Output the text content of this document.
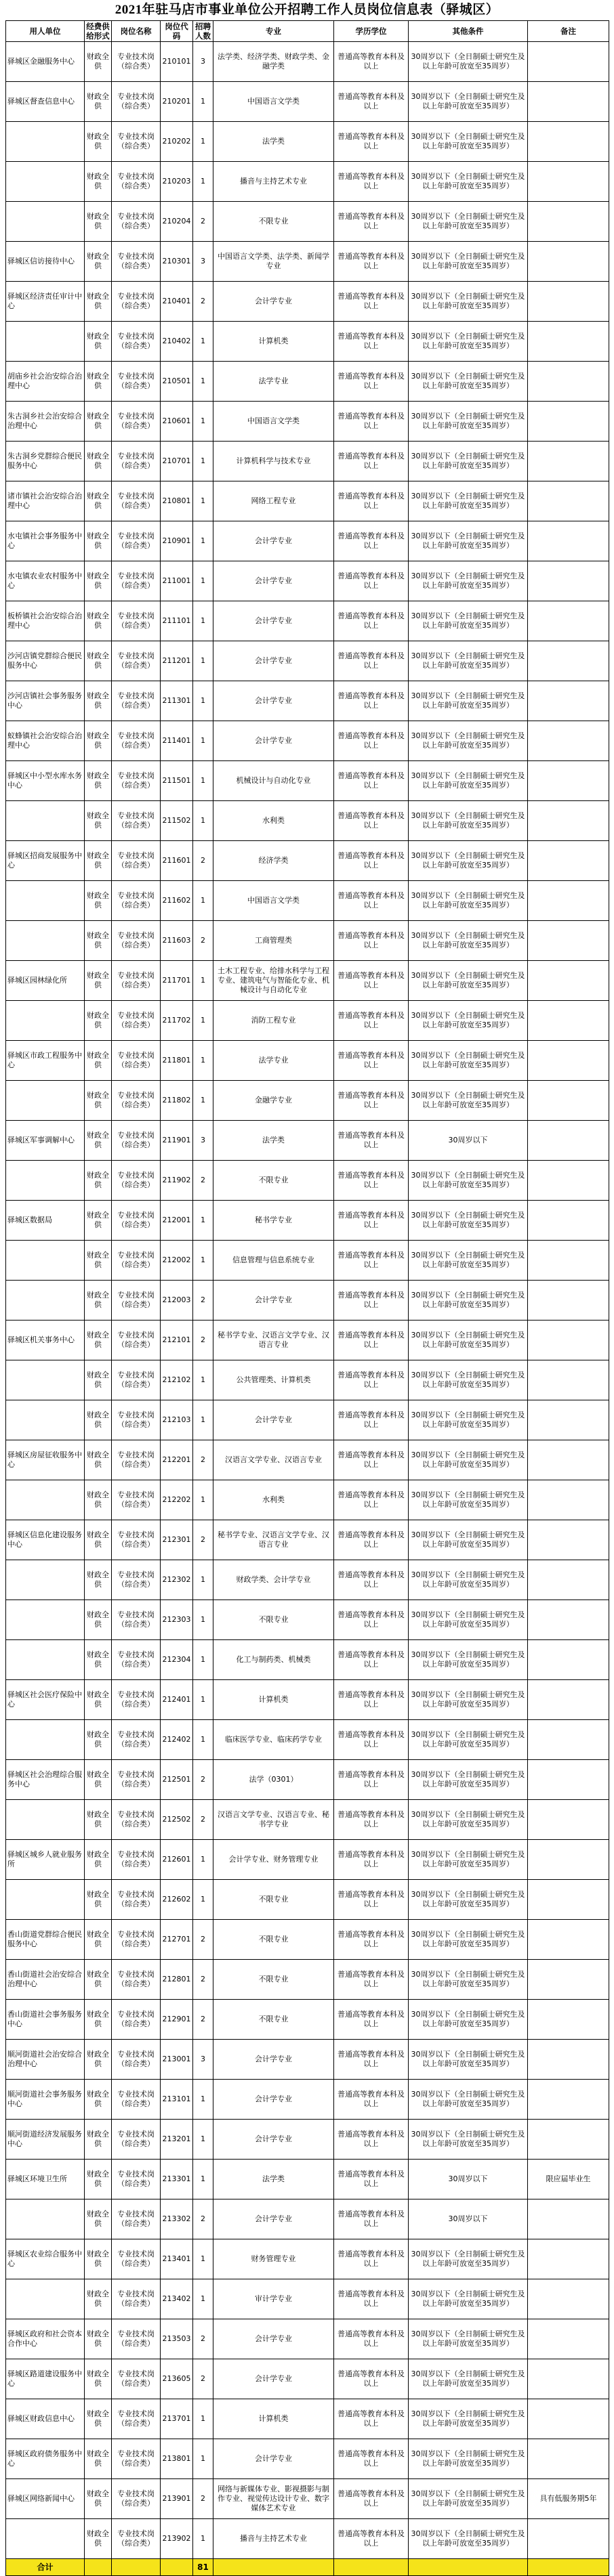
2021年驻马店市事业单位公开招聘工作人员岗位信息表（驿城区）
用人单位	经费供给形式	岗位名称	岗位代码	招聘人数	专业	学历学位	其他条件	备注
驿城区金融服务中心	财政全供	专业技术岗（综合类）	210101	3	法学类、经济学类、财政学类、金融学类	普通高等教育本科及以上	30周岁以下（全日制硕士研究生及以上年龄可放宽至35周岁）	
驿城区督查信息中心	财政全供	专业技术岗（综合类）	210201	1	中国语言文学类	普通高等教育本科及以上	30周岁以下（全日制硕士研究生及以上年龄可放宽至35周岁）	
	财政全供	专业技术岗（综合类）	210202	1	法学类	普通高等教育本科及以上	30周岁以下（全日制硕士研究生及以上年龄可放宽至35周岁）	
	财政全供	专业技术岗（综合类）	210203	1	播音与主持艺术专业	普通高等教育本科及以上	30周岁以下（全日制硕士研究生及以上年龄可放宽至35周岁）	
	财政全供	专业技术岗（综合类）	210204	2	不限专业	普通高等教育本科及以上	30周岁以下（全日制硕士研究生及以上年龄可放宽至35周岁）	
驿城区信访接待中心	财政全供	专业技术岗（综合类）	210301	3	中国语言文学类、法学类、新闻学专业	普通高等教育本科及以上	30周岁以下（全日制硕士研究生及以上年龄可放宽至35周岁）	
驿城区经济责任审计中心	财政全供	专业技术岗（综合类）	210401	2	会计学专业	普通高等教育本科及以上	30周岁以下（全日制硕士研究生及以上年龄可放宽至35周岁）	
	财政全供	专业技术岗（综合类）	210402	1	计算机类	普通高等教育本科及以上	30周岁以下（全日制硕士研究生及以上年龄可放宽至35周岁）	
胡庙乡社会治安综合治理中心	财政全供	专业技术岗（综合类）	210501	1	法学专业	普通高等教育本科及以上	30周岁以下（全日制硕士研究生及以上年龄可放宽至35周岁）	
朱古洞乡社会治安综合治理中心	财政全供	专业技术岗（综合类）	210601	1	中国语言文学类	普通高等教育本科及以上	30周岁以下（全日制硕士研究生及以上年龄可放宽至35周岁）	
朱古洞乡党群综合便民服务中心	财政全供	专业技术岗（综合类）	210701	1	计算机科学与技术专业	普通高等教育本科及以上	30周岁以下（全日制硕士研究生及以上年龄可放宽至35周岁）	
诸市镇社会治安综合治理中心	财政全供	专业技术岗（综合类）	210801	1	网络工程专业	普通高等教育本科及以上	30周岁以下（全日制硕士研究生及以上年龄可放宽至35周岁）	
水屯镇社会事务服务中心	财政全供	专业技术岗（综合类）	210901	1	会计学专业	普通高等教育本科及以上	30周岁以下（全日制硕士研究生及以上年龄可放宽至35周岁）	
水屯镇农业农村服务中心	财政全供	专业技术岗（综合类）	211001	1	会计学专业	普通高等教育本科及以上	30周岁以下（全日制硕士研究生及以上年龄可放宽至35周岁）	
板桥镇社会治安综合治理中心	财政全供	专业技术岗（综合类）	211101	1	会计学专业	普通高等教育本科及以上	30周岁以下（全日制硕士研究生及以上年龄可放宽至35周岁）	
沙河店镇党群综合便民服务中心	财政全供	专业技术岗（综合类）	211201	1	会计学专业	普通高等教育本科及以上	30周岁以下（全日制硕士研究生及以上年龄可放宽至35周岁）	
沙河店镇社会事务服务中心	财政全供	专业技术岗（综合类）	211301	1	会计学专业	普通高等教育本科及以上	30周岁以下（全日制硕士研究生及以上年龄可放宽至35周岁）	
蚁蜂镇社会治安综合治理中心	财政全供	专业技术岗（综合类）	211401	1	会计学专业	普通高等教育本科及以上	30周岁以下（全日制硕士研究生及以上年龄可放宽至35周岁）	
驿城区中小型水库水务中心	财政全供	专业技术岗（综合类）	211501	1	机械设计与自动化专业	普通高等教育本科及以上	30周岁以下（全日制硕士研究生及以上年龄可放宽至35周岁）	
	财政全供	专业技术岗（综合类）	211502	1	水利类	普通高等教育本科及以上	30周岁以下（全日制硕士研究生及以上年龄可放宽至35周岁）	
驿城区招商发展服务中心	财政全供	专业技术岗（综合类）	211601	2	经济学类	普通高等教育本科及以上	30周岁以下（全日制硕士研究生及以上年龄可放宽至35周岁）	
	财政全供	专业技术岗（综合类）	211602	1	中国语言文学类	普通高等教育本科及以上	30周岁以下（全日制硕士研究生及以上年龄可放宽至35周岁）	
	财政全供	专业技术岗（综合类）	211603	2	工商管理类	普通高等教育本科及以上	30周岁以下（全日制硕士研究生及以上年龄可放宽至35周岁）	
驿城区园林绿化所	财政全供	专业技术岗（综合类）	211701	1	土木工程专业、给排水科学与工程专业、建筑电气与智能化专业、机械设计与自动化专业	普通高等教育本科及以上	30周岁以下（全日制硕士研究生及以上年龄可放宽至35周岁）	
	财政全供	专业技术岗（综合类）	211702	1	消防工程专业	普通高等教育本科及以上	30周岁以下（全日制硕士研究生及以上年龄可放宽至35周岁）	
驿城区市政工程服务中心	财政全供	专业技术岗（综合类）	211801	1	法学专业	普通高等教育本科及以上	30周岁以下（全日制硕士研究生及以上年龄可放宽至35周岁）	
	财政全供	专业技术岗（综合类）	211802	1	金融学专业	普通高等教育本科及以上	30周岁以下（全日制硕士研究生及以上年龄可放宽至35周岁）	
驿城区军事调解中心	财政全供	专业技术岗（综合类）	211901	3	法学类	普通高等教育本科及以上	30周岁以下	
	财政全供	专业技术岗（综合类）	211902	2	不限专业	普通高等教育本科及以上	30周岁以下（全日制硕士研究生及以上年龄可放宽至35周岁）	
驿城区数据局	财政全供	专业技术岗（综合类）	212001	1	秘书学专业	普通高等教育本科及以上	30周岁以下（全日制硕士研究生及以上年龄可放宽至35周岁）	
	财政全供	专业技术岗（综合类）	212002	1	信息管理与信息系统专业	普通高等教育本科及以上	30周岁以下（全日制硕士研究生及以上年龄可放宽至35周岁）	
	财政全供	专业技术岗（综合类）	212003	2	会计学专业	普通高等教育本科及以上	30周岁以下（全日制硕士研究生及以上年龄可放宽至35周岁）	
驿城区机关事务中心	财政全供	专业技术岗（综合类）	212101	2	秘书学专业、汉语言文学专业、汉语言专业	普通高等教育本科及以上	30周岁以下（全日制硕士研究生及以上年龄可放宽至35周岁）	
	财政全供	专业技术岗（综合类）	212102	1	公共管理类、计算机类	普通高等教育本科及以上	30周岁以下（全日制硕士研究生及以上年龄可放宽至35周岁）	
	财政全供	专业技术岗（综合类）	212103	1	会计学专业	普通高等教育本科及以上	30周岁以下（全日制硕士研究生及以上年龄可放宽至35周岁）	
驿城区房屋征收服务中心	财政全供	专业技术岗（综合类）	212201	2	汉语言文学专业、汉语言专业	普通高等教育本科及以上	30周岁以下（全日制硕士研究生及以上年龄可放宽至35周岁）	
	财政全供	专业技术岗（综合类）	212202	1	水利类	普通高等教育本科及以上	30周岁以下（全日制硕士研究生及以上年龄可放宽至35周岁）	
驿城区信息化建设服务中心	财政全供	专业技术岗（综合类）	212301	2	秘书学专业、汉语言文学专业、汉语言专业	普通高等教育本科及以上	30周岁以下（全日制硕士研究生及以上年龄可放宽至35周岁）	
	财政全供	专业技术岗（综合类）	212302	1	财政学类、会计学专业	普通高等教育本科及以上	30周岁以下（全日制硕士研究生及以上年龄可放宽至35周岁）	
	财政全供	专业技术岗（综合类）	212303	1	不限专业	普通高等教育本科及以上	30周岁以下（全日制硕士研究生及以上年龄可放宽至35周岁）	
	财政全供	专业技术岗（综合类）	212304	1	化工与制药类、机械类	普通高等教育本科及以上	30周岁以下（全日制硕士研究生及以上年龄可放宽至35周岁）	
驿城区社会医疗保险中心	财政全供	专业技术岗（综合类）	212401	1	计算机类	普通高等教育本科及以上	30周岁以下（全日制硕士研究生及以上年龄可放宽至35周岁）	
	财政全供	专业技术岗（综合类）	212402	1	临床医学专业、临床药学专业	普通高等教育本科及以上	30周岁以下（全日制硕士研究生及以上年龄可放宽至35周岁）	
驿城区社会治理综合服务中心	财政全供	专业技术岗（综合类）	212501	2	法学（0301）	普通高等教育本科及以上	30周岁以下（全日制硕士研究生及以上年龄可放宽至35周岁）	
	财政全供	专业技术岗（综合类）	212502	2	汉语言文学专业、汉语言专业、秘书学专业	普通高等教育本科及以上	30周岁以下（全日制硕士研究生及以上年龄可放宽至35周岁）	
驿城区城乡人就业服务所	财政全供	专业技术岗（综合类）	212601	1	会计学专业、财务管理专业	普通高等教育本科及以上	30周岁以下（全日制硕士研究生及以上年龄可放宽至35周岁）	
	财政全供	专业技术岗（综合类）	212602	1	不限专业	普通高等教育本科及以上	30周岁以下（全日制硕士研究生及以上年龄可放宽至35周岁）	
香山街道党群综合便民服务中心	财政全供	专业技术岗（综合类）	212701	2	不限专业	普通高等教育本科及以上	30周岁以下（全日制硕士研究生及以上年龄可放宽至35周岁）	
香山街道社会治安综合治理中心	财政全供	专业技术岗（综合类）	212801	2	不限专业	普通高等教育本科及以上	30周岁以下（全日制硕士研究生及以上年龄可放宽至35周岁）	
香山街道社会事务服务中心	财政全供	专业技术岗（综合类）	212901	2	不限专业	普通高等教育本科及以上	30周岁以下（全日制硕士研究生及以上年龄可放宽至35周岁）	
顺河街道社会治安综合治理中心	财政全供	专业技术岗（综合类）	213001	3	会计学专业	普通高等教育本科及以上	30周岁以下（全日制硕士研究生及以上年龄可放宽至35周岁）	
顺河街道社会事务服务中心	财政全供	专业技术岗（综合类）	213101	1	会计学专业	普通高等教育本科及以上	30周岁以下（全日制硕士研究生及以上年龄可放宽至35周岁）	
顺河街道经济发展服务中心	财政全供	专业技术岗（综合类）	213201	1	会计学专业	普通高等教育本科及以上	30周岁以下（全日制硕士研究生及以上年龄可放宽至35周岁）	
驿城区环境卫生所	财政全供	专业技术岗（综合类）	213301	1	法学类	普通高等教育本科及以上	30周岁以下	限应届毕业生
	财政全供	专业技术岗（综合类）	213302	2	会计学专业	普通高等教育本科及以上	30周岁以下	
驿城区农业综合服务中心	财政全供	专业技术岗（综合类）	213401	1	财务管理专业	普通高等教育本科及以上	30周岁以下（全日制硕士研究生及以上年龄可放宽至35周岁）	
	财政全供	专业技术岗（综合类）	213402	1	审计学专业	普通高等教育本科及以上	30周岁以下（全日制硕士研究生及以上年龄可放宽至35周岁）	
驿城区政府和社会资本合作中心	财政全供	专业技术岗（综合类）	213503	2	会计学专业	普通高等教育本科及以上	30周岁以下（全日制硕士研究生及以上年龄可放宽至35周岁）	
驿城区路道建设服务中心	财政全供	专业技术岗（综合类）	213605	2	会计学专业	普通高等教育本科及以上	30周岁以下（全日制硕士研究生及以上年龄可放宽至35周岁）	
驿城区财政信息中心	财政全供	专业技术岗（综合类）	213701	1	计算机类	普通高等教育本科及以上	30周岁以下（全日制硕士研究生及以上年龄可放宽至35周岁）	
驿城区政府债务服务中心	财政全供	专业技术岗（综合类）	213801	1	会计学专业	普通高等教育本科及以上	30周岁以下（全日制硕士研究生及以上年龄可放宽至35周岁）	
驿城区网络新闻中心	财政全供	专业技术岗（综合类）	213901	2	网络与新媒体专业、影视摄影与制作专业、视觉传达设计专业、数字媒体艺术专业	普通高等教育本科及以上	30周岁以下（全日制硕士研究生及以上年龄可放宽至35周岁）	具有低服务期5年
	财政全供	专业技术岗（综合类）	213902	1	播音与主持艺术专业	普通高等教育本科及以上	30周岁以下（全日制硕士研究生及以上年龄可放宽至35周岁）	
合计				81				
